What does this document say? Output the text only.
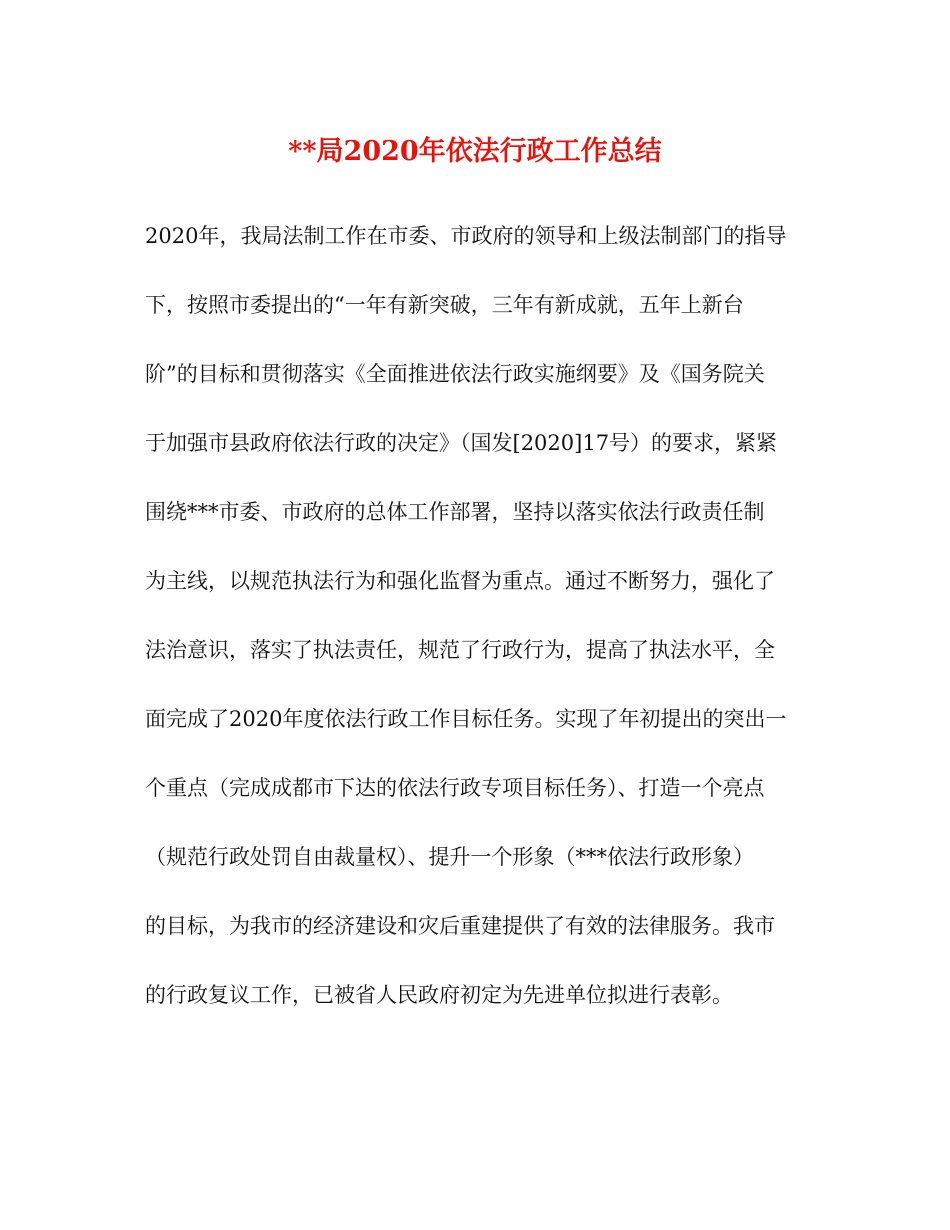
**局2020年依法行政工作总结
2020年，我局法制工作在市委、市政府的领导和上级法制部门的指导
下，按照市委提出的“一年有新突破，三年有新成就，五年上新台
阶”的目标和贯彻落实《全面推进依法行政实施纲要》及《国务院关
于加强市县政府依法行政的决定》（国发[2020]17号）的要求，紧紧
围绕***市委、市政府的总体工作部署，坚持以落实依法行政责任制
为主线，以规范执法行为和强化监督为重点。通过不断努力，强化了
法治意识，落实了执法责任，规范了行政行为，提高了执法水平，全
面完成了2020年度依法行政工作目标任务。实现了年初提出的突出一
个重点（完成成都市下达的依法行政专项目标任务）、打造一个亮点
（规范行政处罚自由裁量权）、提升一个形象（***依法行政形象）
的目标，为我市的经济建设和灾后重建提供了有效的法律服务。我市
的行政复议工作，已被省人民政府初定为先进单位拟进行表彰。
